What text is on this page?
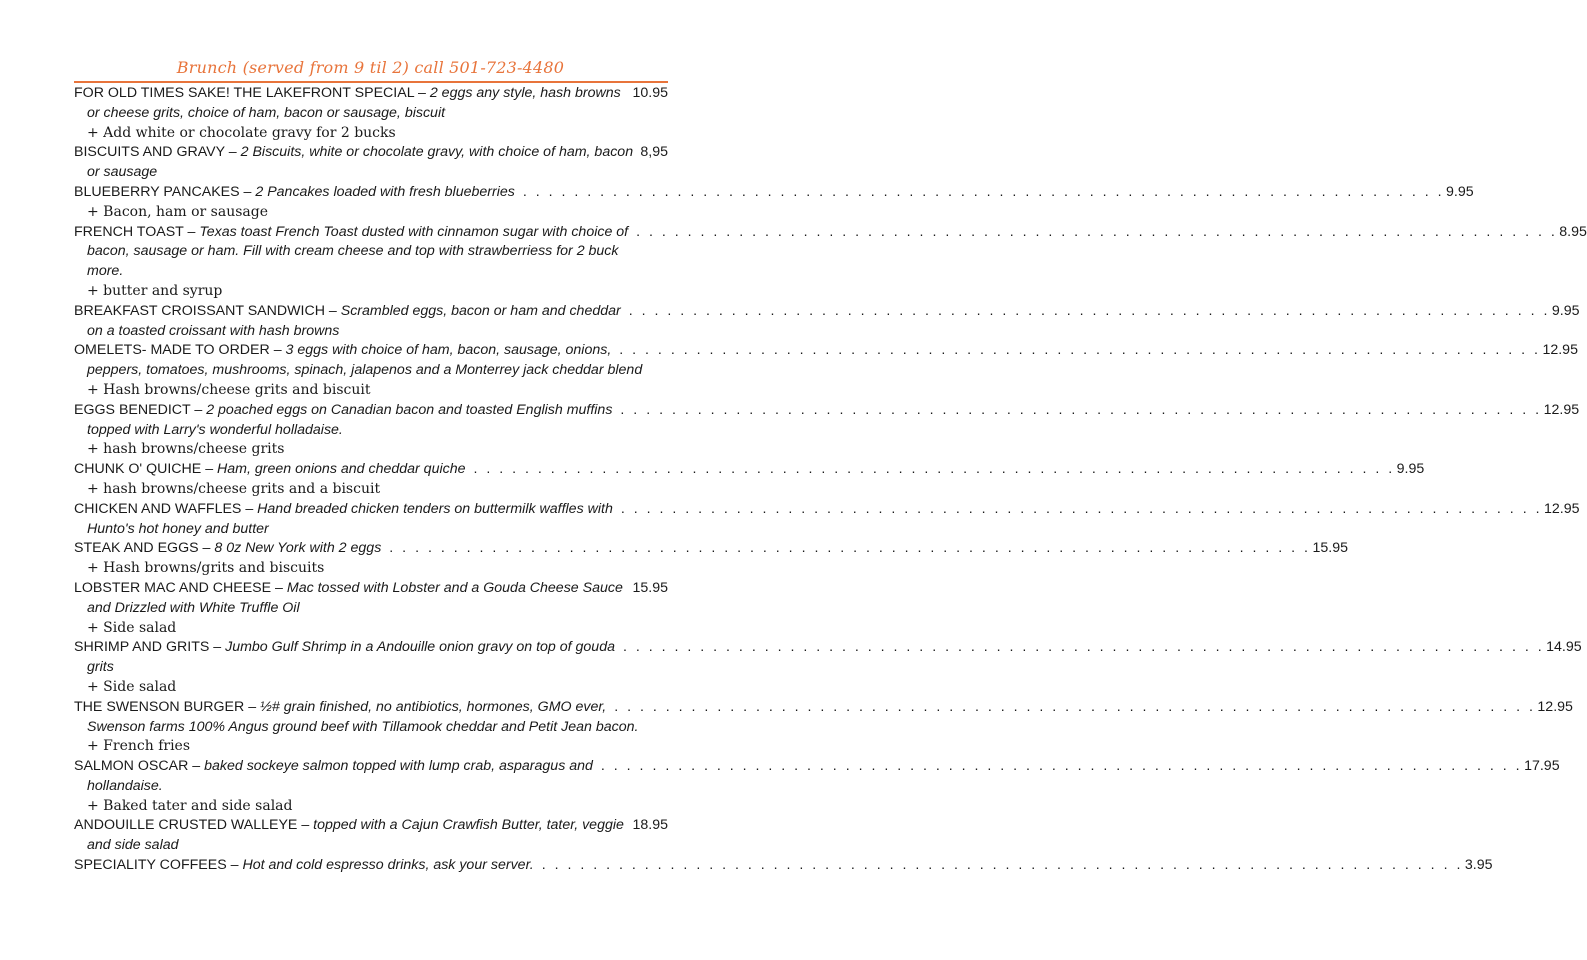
Brunch (served from 9 til 2) call 501-723-4480
FOR OLD TIMES SAKE! THE LAKEFRONT SPECIAL – 2 eggs any style, hash browns 10.95
or cheese grits, choice of ham, bacon or sausage, biscuit
+ Add white or chocolate gravy for 2 bucks
BISCUITS AND GRAVY – 2 Biscuits, white or chocolate gravy, with choice of ham, bacon 8,95
or sausage
BLUEBERRY PANCAKES – 2 Pancakes loaded with fresh blueberries . . . . . . . . . . . . . . . . . . . . . . . . . . . . . . . . . . . . . . . . . . . . . . . . . . . . . . . . . . . . . . . . . . . . . . . . 9.95
+ Bacon, ham or sausage
FRENCH TOAST – Texas toast French Toast dusted with cinnamon sugar with choice of . . . . . . . . . . . . . . . . . . . . . . . . . . . . . . . . . . . . . . . . . . . . . . . . . . . . . . . . . . . . . . . . . . . . . . . . 8.95
bacon, sausage or ham. Fill with cream cheese and top with strawberriess for 2 buck
more.
+ butter and syrup
BREAKFAST CROISSANT SANDWICH – Scrambled eggs, bacon or ham and cheddar . . . . . . . . . . . . . . . . . . . . . . . . . . . . . . . . . . . . . . . . . . . . . . . . . . . . . . . . . . . . . . . . . . . . . . . . 9.95
on a toasted croissant with hash browns
OMELETS- MADE TO ORDER – 3 eggs with choice of ham, bacon, sausage, onions, . . . . . . . . . . . . . . . . . . . . . . . . . . . . . . . . . . . . . . . . . . . . . . . . . . . . . . . . . . . . . . . . . . . . . . . . 12.95
peppers, tomatoes, mushrooms, spinach, jalapenos and a Monterrey jack cheddar blend
+ Hash browns/cheese grits and biscuit
EGGS BENEDICT – 2 poached eggs on Canadian bacon and toasted English muffins . . . . . . . . . . . . . . . . . . . . . . . . . . . . . . . . . . . . . . . . . . . . . . . . . . . . . . . . . . . . . . . . . . . . . . . . 12.95
topped with Larry's wonderful holladaise.
+ hash browns/cheese grits
CHUNK O' QUICHE – Ham, green onions and cheddar quiche . . . . . . . . . . . . . . . . . . . . . . . . . . . . . . . . . . . . . . . . . . . . . . . . . . . . . . . . . . . . . . . . . . . . . . . . 9.95
+ hash browns/cheese grits and a biscuit
CHICKEN AND WAFFLES – Hand breaded chicken tenders on buttermilk waffles with . . . . . . . . . . . . . . . . . . . . . . . . . . . . . . . . . . . . . . . . . . . . . . . . . . . . . . . . . . . . . . . . . . . . . . . . 12.95
Hunto's hot honey and butter
STEAK AND EGGS – 8 0z New York with 2 eggs . . . . . . . . . . . . . . . . . . . . . . . . . . . . . . . . . . . . . . . . . . . . . . . . . . . . . . . . . . . . . . . . . . . . . . . . 15.95
+ Hash browns/grits and biscuits
LOBSTER MAC AND CHEESE – Mac tossed with Lobster and a Gouda Cheese Sauce 15.95
and Drizzled with White Truffle Oil
+ Side salad
SHRIMP AND GRITS – Jumbo Gulf Shrimp in a Andouille onion gravy on top of gouda . . . . . . . . . . . . . . . . . . . . . . . . . . . . . . . . . . . . . . . . . . . . . . . . . . . . . . . . . . . . . . . . . . . . . . . . 14.95
grits
+ Side salad
THE SWENSON BURGER – ½# grain finished, no antibiotics, hormones, GMO ever, . . . . . . . . . . . . . . . . . . . . . . . . . . . . . . . . . . . . . . . . . . . . . . . . . . . . . . . . . . . . . . . . . . . . . . . . 12.95
Swenson farms 100% Angus ground beef with Tillamook cheddar and Petit Jean bacon.
+ French fries
SALMON OSCAR – baked sockeye salmon topped with lump crab, asparagus and . . . . . . . . . . . . . . . . . . . . . . . . . . . . . . . . . . . . . . . . . . . . . . . . . . . . . . . . . . . . . . . . . . . . . . . . 17.95
hollandaise.
+ Baked tater and side salad
ANDOUILLE CRUSTED WALLEYE – topped with a Cajun Crawfish Butter, tater, veggie 18.95
and side salad
SPECIALITY COFFEES – Hot and cold espresso drinks, ask your server. . . . . . . . . . . . . . . . . . . . . . . . . . . . . . . . . . . . . . . . . . . . . . . . . . . . . . . . . . . . . . . . . . . . . . . . . 3.95
